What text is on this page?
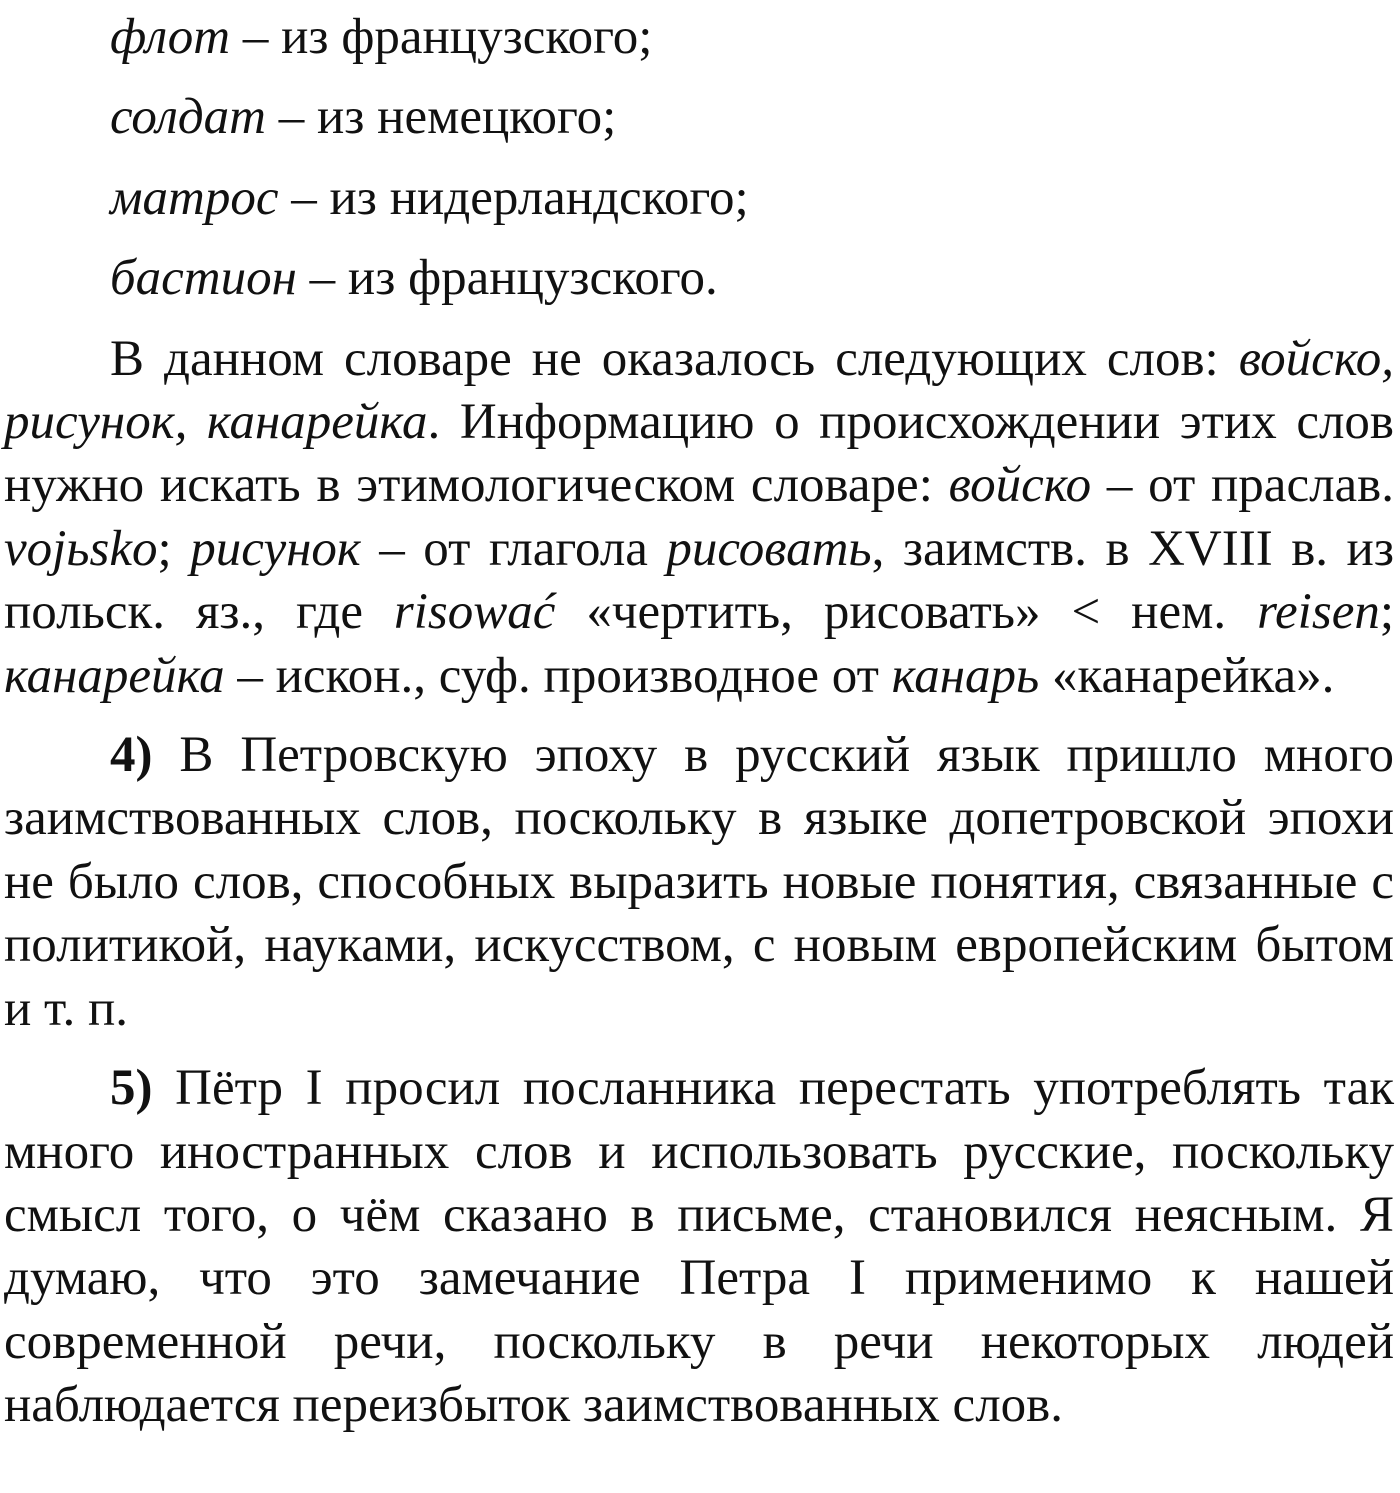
флот – из французского;
солдат – из немецкого;
матрос – из нидерландского;
бастион – из французского.

В данном словаре не оказалось следующих слов: войско, рисунок, канарейка. Информацию о происхождении этих слов нужно искать в этимологическом словаре: войско – от праслав. vojьsko; рисунок – от глагола рисовать, заимств. в XVIII в. из польск. яз., где risować «чертить, рисовать» < нем. reisen; канарейка – искон., суф. производное от канарь «канарейка».

4) В Петровскую эпоху в русский язык пришло много заимствованных слов, поскольку в языке допетровской эпохи не было слов, способных выразить новые понятия, связанные с политикой, науками, искусством, с новым европейским бытом и т. п.

5) Пётр I просил посланника перестать употреблять так много иностранных слов и использовать русские, поскольку смысл того, о чём сказано в письме, становился неясным. Я думаю, что это замечание Петра I применимо к нашей современной речи, поскольку в речи некоторых людей наблюдается переизбыток заимствованных слов.
